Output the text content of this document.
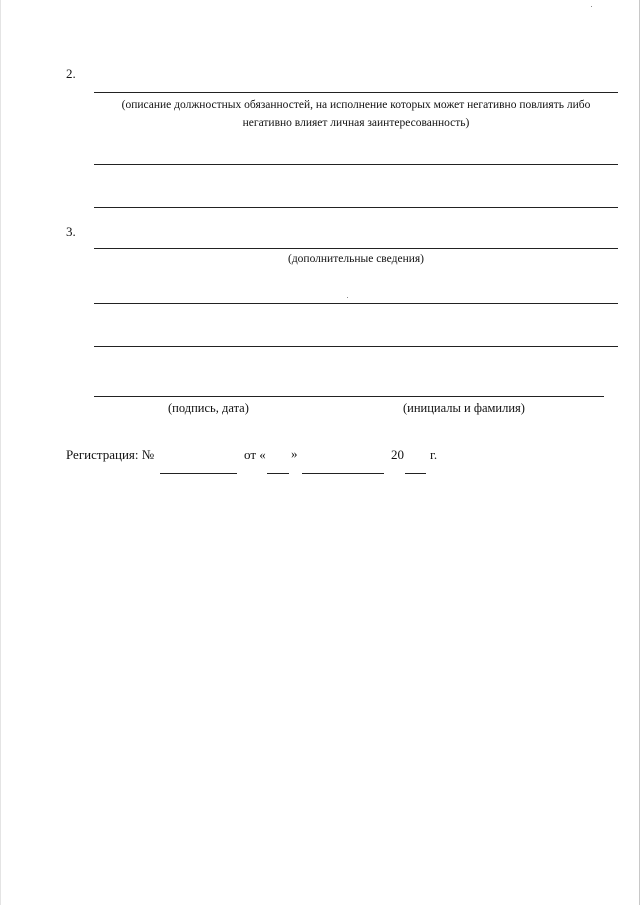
2.
(описание должностных обязанностей, на исполнение которых может негативно повлиять либо
негативно влияет личная заинтересованность)
3.
(дополнительные сведения)
(подпись, дата)	(инициалы и фамилия)
Регистрация: №	от « »	20 г.
